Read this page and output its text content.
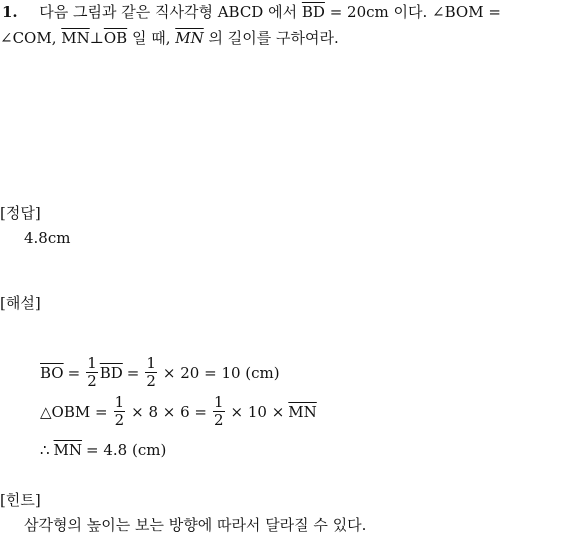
1. 다음 그림과 같은 직사각형 ABCD 에서 $\overline{BD} = 20cm$ 이다. ∠BOM =
∠COM, $\overline{MN}\perp\overline{OB}$ 일 때, $\overline{MN}$ 의 길이를 구하여라.
[정답]
4.8cm
[해설]
$\overline{BO} = \frac{1}{2} \overline{BD} = \frac{1}{2} \times 20 = 10$ (cm)
△OBM = $\frac{1}{2} \times 8 \times 6 = \frac{1}{2} \times 10 \times \overline{MN}$
∴ $\overline{MN} = 4.8$ (cm)
[힌트]
삼각형의 높이는 보는 방향에 따라서 달라질 수 있다.
